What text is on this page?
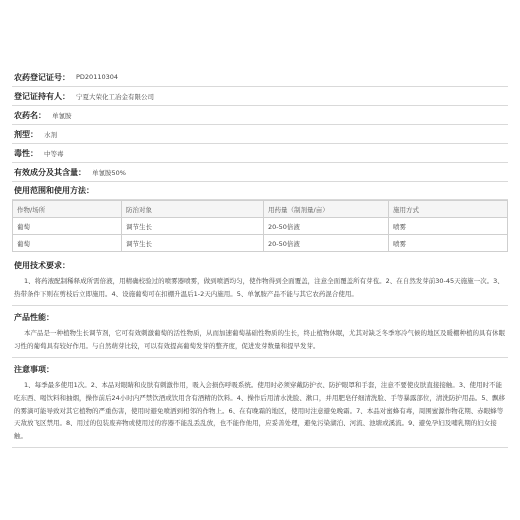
农药登记证号： PD20110304
登记证持有人： 宁夏大荣化工冶金有限公司
农药名： 单氰胺
剂型： 水剂
毒性： 中等毒
有效成分及其含量： 单氰胺50%
使用范围和使用方法：
作物/场所	防治对象	用药量（制剂量/亩）	施用方式
葡萄	调节生长	20-50倍液	喷雾
葡萄	调节生长	20-50倍液	喷雾
使用技术要求：

1、将药液配制稀释成所需倍液，用精确校验过的喷雾器喷雾，做到喷洒均匀，使作物得到全面覆盖，注意全面覆盖所有芽苞。2、在自然发芽前30-45天施施一次。3、热带条件下则在剪枝后立即施用。4、设施葡萄可在扣棚升温后1-2天内施用。5、单氰胺产品不能与其它农药混合使用。

产品性能：

本产品是一种植物生长调节剂，它可有效刺激葡萄的活性物质，从而加速葡萄基础性物质的生长，终止植物休眠，尤其对缺乏冬季寒冷气候的地区及暖棚种植的具有休眠习性的葡萄具有较好作用。与自然萌芽比较，可以有效提高葡萄发芽的整齐度，促进发芽数量和提早发芽。

注意事项：

1、每季最多使用1次。2、本品对眼睛和皮肤有刺激作用，吸入会损伤呼吸系统。使用时必须穿戴防护衣、防护眼罩和手套，注意不要使皮肤直接接触。3、使用时不能吃东西、喝饮料和抽烟，操作前后24小时内严禁饮酒或饮用含有酒精的饮料。4、操作后用清水洗脸、漱口，并用肥皂仔细清洗脸、手等暴露部位，清洗防护用品。5、飘移的雾滴可能导致对其它植物的严重伤害，使用时避免喷洒到相邻的作物上。6、在有晚霜的地区，使用时注意避免晚霜。7、本品对蜜蜂有毒，周围蜜源作物花期、赤眼蜂等天敌放飞区禁用。8、用过的包装废弃物或使用过的容器不能乱丢乱放，也不能作他用，应妥善处理，避免污染湖泊、河流、池塘或溪流。9、避免孕妇及哺乳期的妇女接触。
